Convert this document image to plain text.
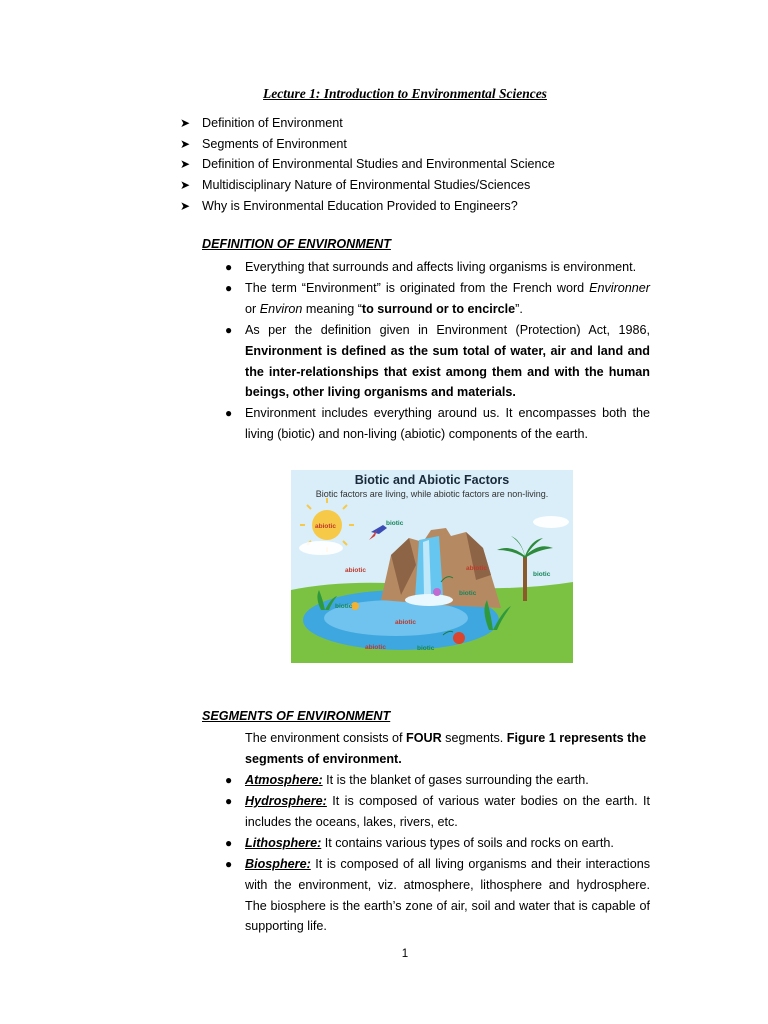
Lecture 1: Introduction to Environmental Sciences
➤ Definition of Environment
➤ Segments of Environment
➤ Definition of Environmental Studies and Environmental Science
➤ Multidisciplinary Nature of Environmental Studies/Sciences
➤ Why is Environmental Education Provided to Engineers?
DEFINITION OF ENVIRONMENT
● Everything that surrounds and affects living organisms is environment.
● The term “Environment” is originated from the French word Environner or Environ meaning “to surround or to encircle”.
● As per the definition given in Environment (Protection) Act, 1986, Environment is defined as the sum total of water, air and land and the inter-relationships that exist among them and with the human beings, other living organisms and materials.
● Environment includes everything around us. It encompasses both the living (biotic) and non-living (abiotic) components of the earth.
abiotic	biotic
abiotic	abiotic
biotic
biotic
biotic
abiotic
abiotic	biotic
Biotic and Abiotic Factors
Biotic factors are living, while abiotic factors are non-living.
SEGMENTS OF ENVIRONMENT
The environment consists of FOUR segments. Figure 1 represents the segments of environment.
● Atmosphere: It is the blanket of gases surrounding the earth.
● Hydrosphere: It is composed of various water bodies on the earth. It includes the oceans, lakes, rivers, etc.
● Lithosphere: It contains various types of soils and rocks on earth.
● Biosphere: It is composed of all living organisms and their interactions with the environment, viz. atmosphere, lithosphere and hydrosphere. The biosphere is the earth’s zone of air, soil and water that is capable of supporting life.
1
